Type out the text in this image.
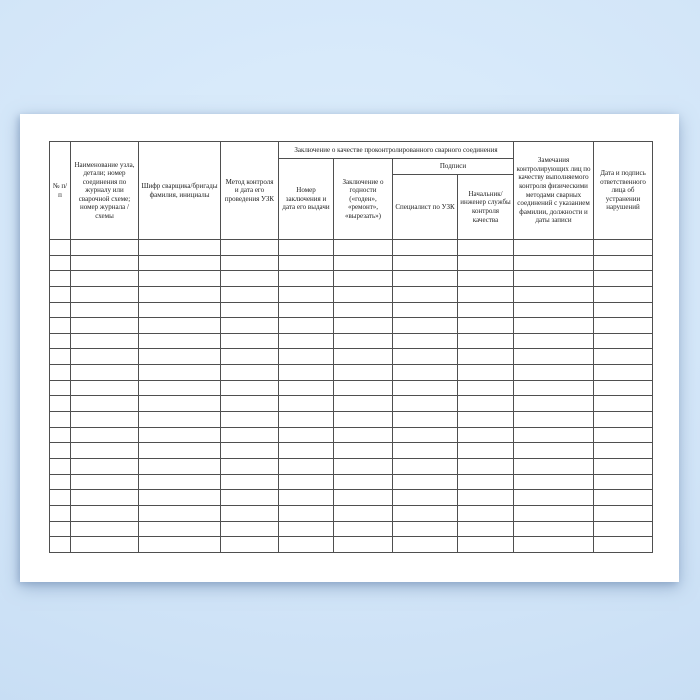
№ п/п	Наименование узла, детали; номер соединения по журналу или сварочной схеме; номер журнала /схемы	Шифр сварщика/бригады фамилия, инициалы	Метод контроля и дата его проведения УЗК	Заключение о качестве проконтролированного сварного соединения				Замечания контролирующих лиц по качеству выполняемого контроля физическими методами сварных соединений с указанием фамилии, должности и даты записи	Дата и подпись ответственного лица об устранении нарушений
				Номер заключения и дата его выдачи	Заключение о годности («годен», «ремонт», «вырезать»)	Подписи			
						Специалист по УЗК	Начальник/ инженер службы контроля качества		
